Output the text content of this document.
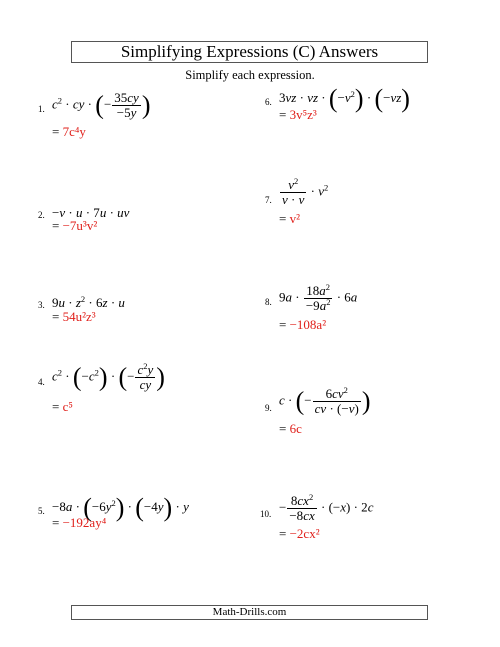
Simplifying Expressions (C) Answers
Simplify each expression.
1. $c^2$ · cy · (− $\frac{35cy}{-5y}$ )
= 7c⁴y
2. −v · u · 7u · uv
= −7u³v²
3. $9u \cdot z^2 \cdot 6z \cdot u$
= 54u²z³
4. $c^2 \cdot (-c^2)$ · (− $\frac{c^2y}{cy}$ )
= c⁵
5. $-8a \cdot (-6y^2) \cdot (-4y) \cdot y$
= −192ay⁴
6. 3vz · vz · $(-v^2) \cdot (-vz)$
= 3v⁵z³
7. $\frac{v^2}{v \cdot v} \cdot v^2$
= v²
8. $9a \cdot \frac{18a^2}{-9a^2} \cdot 6a$
= −108a²
9.
c · (− $\frac{6cv^2}{cv \cdot (-v)}$ )
= 6c
10. − $\frac{8cx^2}{-8cx} \cdot (-x) \cdot 2c$
= −2cx²
Math-Drills.com
